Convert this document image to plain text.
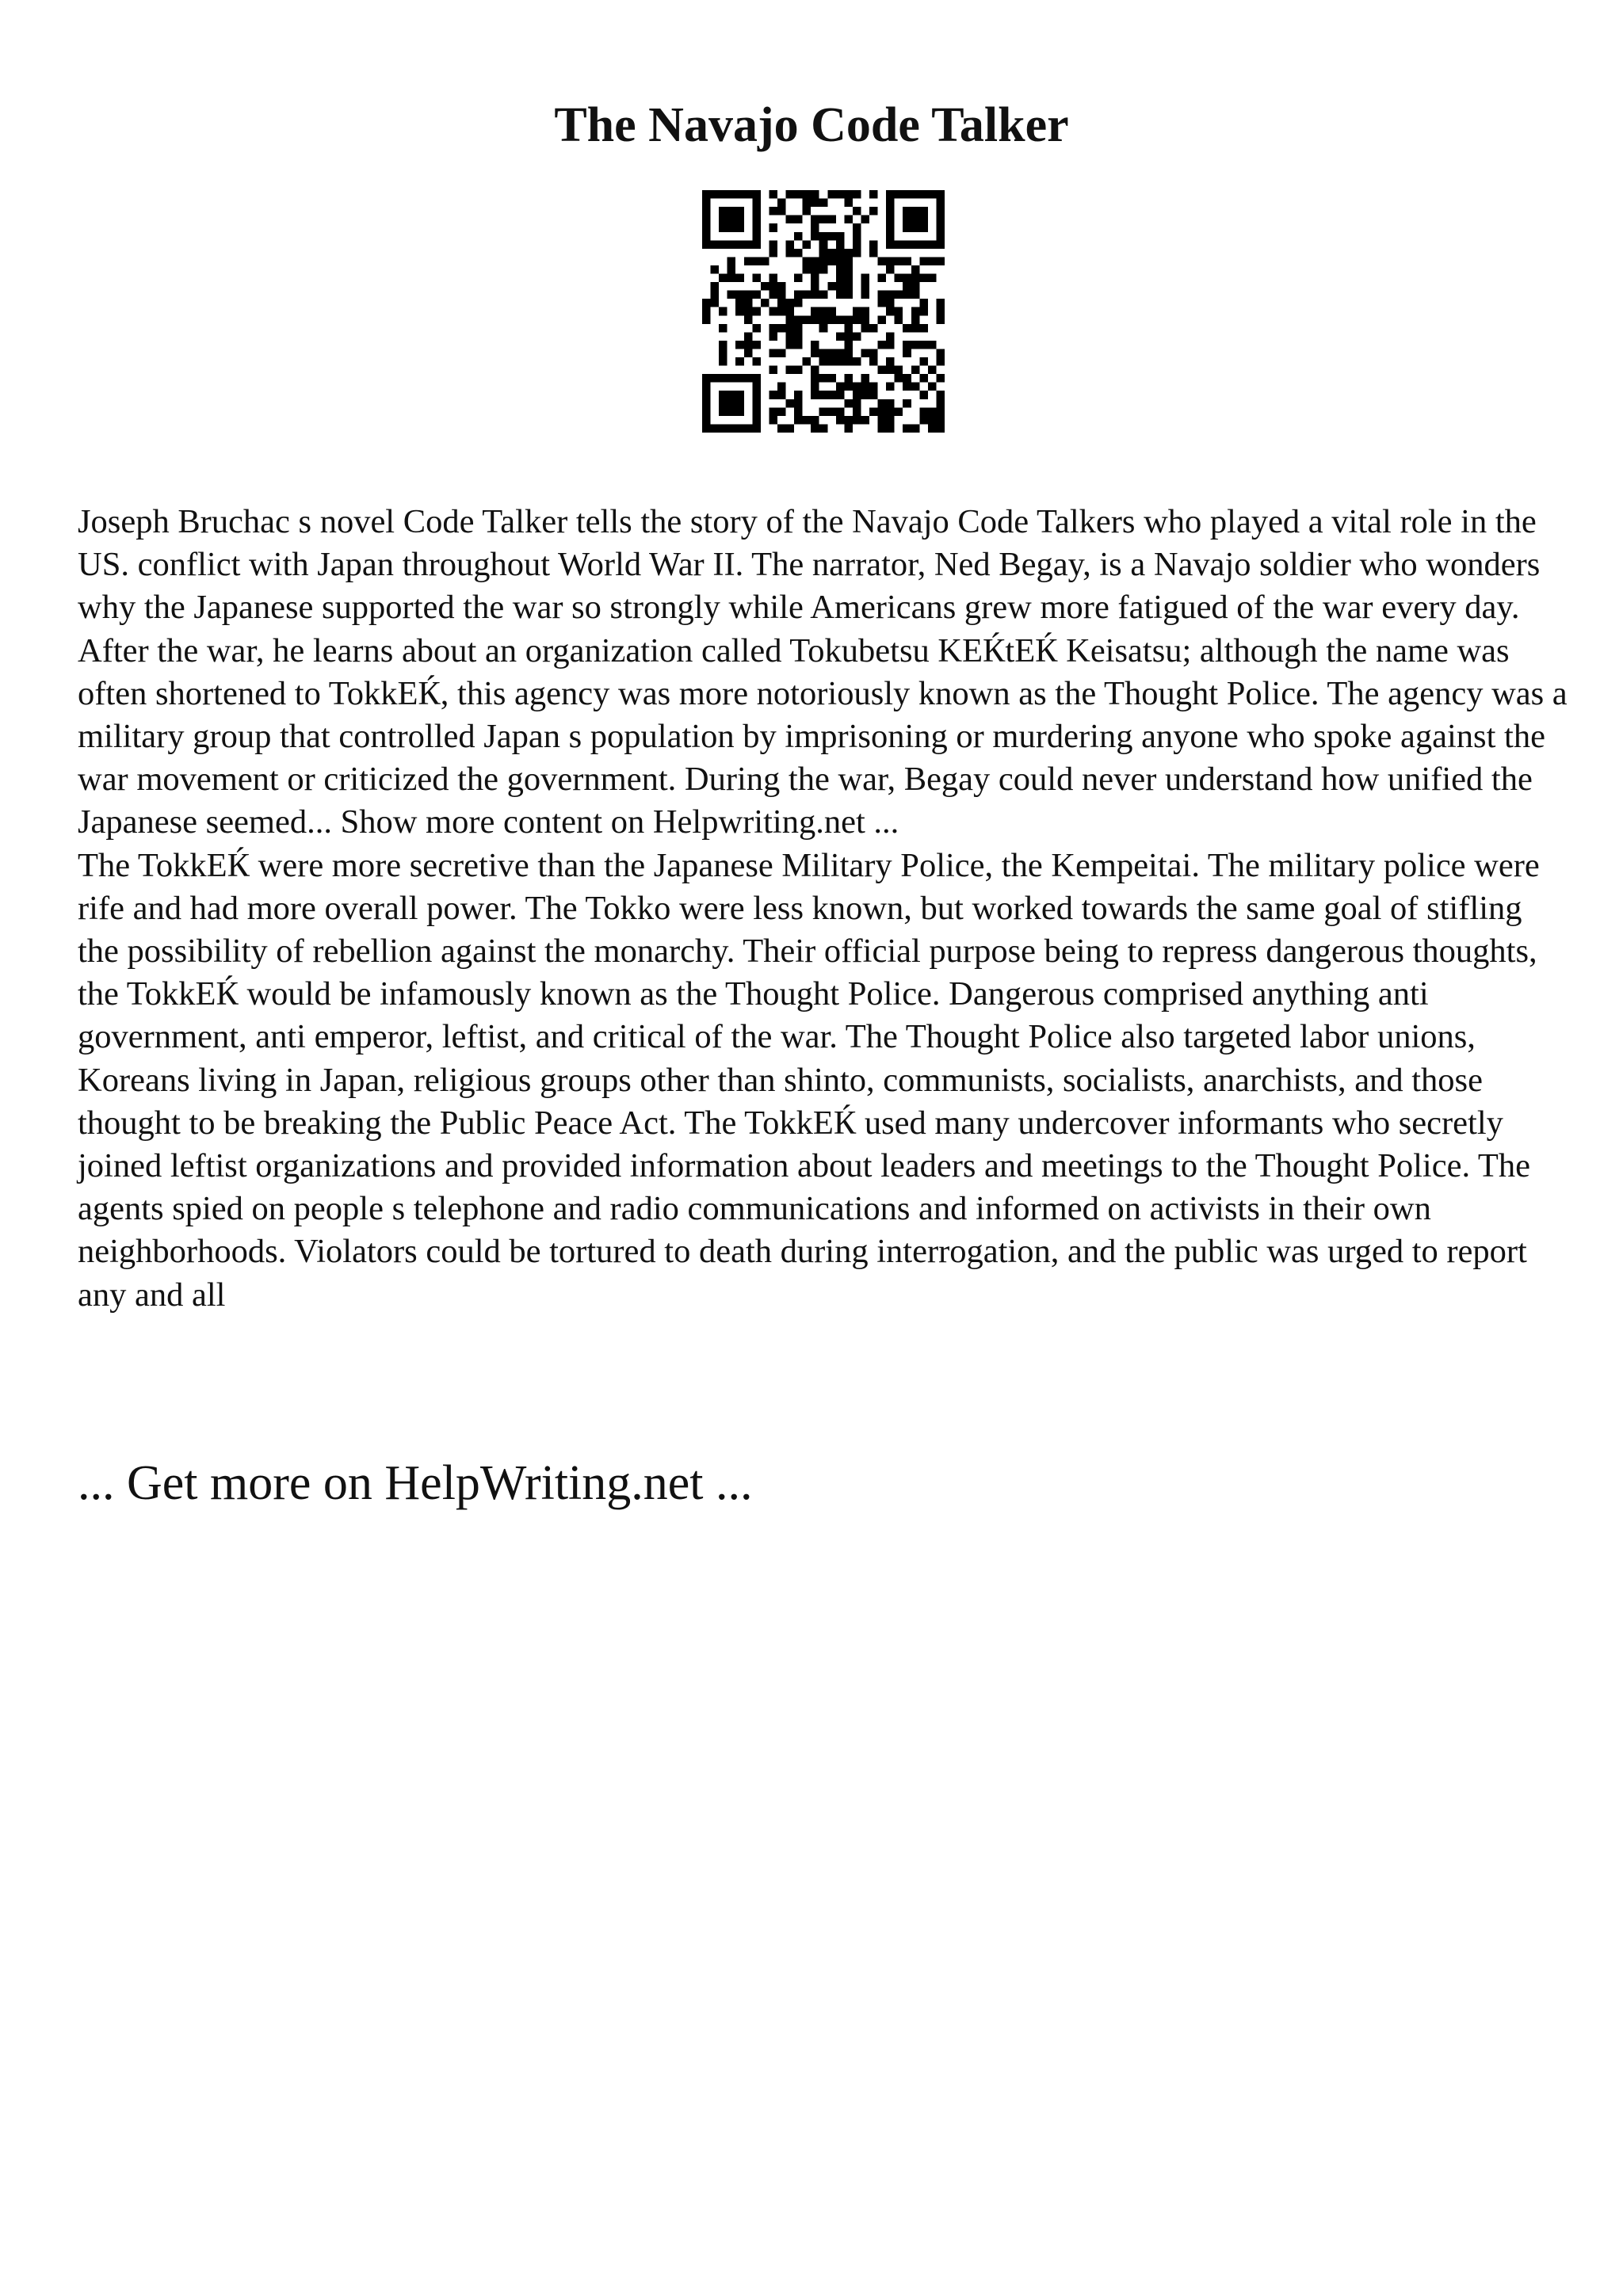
The Navajo Code Talker

Joseph Bruchac s novel Code Talker tells the story of the Navajo Code Talkers who played a vital role in the US. conflict with Japan throughout World War II. The narrator, Ned Begay, is a Navajo soldier who wonders why the Japanese supported the war so strongly while Americans grew more fatigued of the war every day. After the war, he learns about an organization called Tokubetsu KEЌtEЌ Keisatsu; although the name was often shortened to TokkEЌ, this agency was more notoriously known as the Thought Police. The agency was a military group that controlled Japan s population by imprisoning or murdering anyone who spoke against the war movement or criticized the government. During the war, Begay could never understand how unified the Japanese seemed... Show more content on Helpwriting.net ...

The TokkEЌ were more secretive than the Japanese Military Police, the Kempeitai. The military police were rife and had more overall power. The Tokko were less known, but worked towards the same goal of stifling the possibility of rebellion against the monarchy. Their official purpose being to repress dangerous thoughts, the TokkEЌ would be infamously known as the Thought Police. Dangerous comprised anything anti government, anti emperor, leftist, and critical of the war. The Thought Police also targeted labor unions, Koreans living in Japan, religious groups other than shinto, communists, socialists, anarchists, and those thought to be breaking the Public Peace Act. The TokkEЌ used many undercover informants who secretly joined leftist organizations and provided information about leaders and meetings to the Thought Police. The agents spied on people s telephone and radio communications and informed on activists in their own neighborhoods. Violators could be tortured to death during interrogation, and the public was urged to report any and all

... Get more on HelpWriting.net ...
